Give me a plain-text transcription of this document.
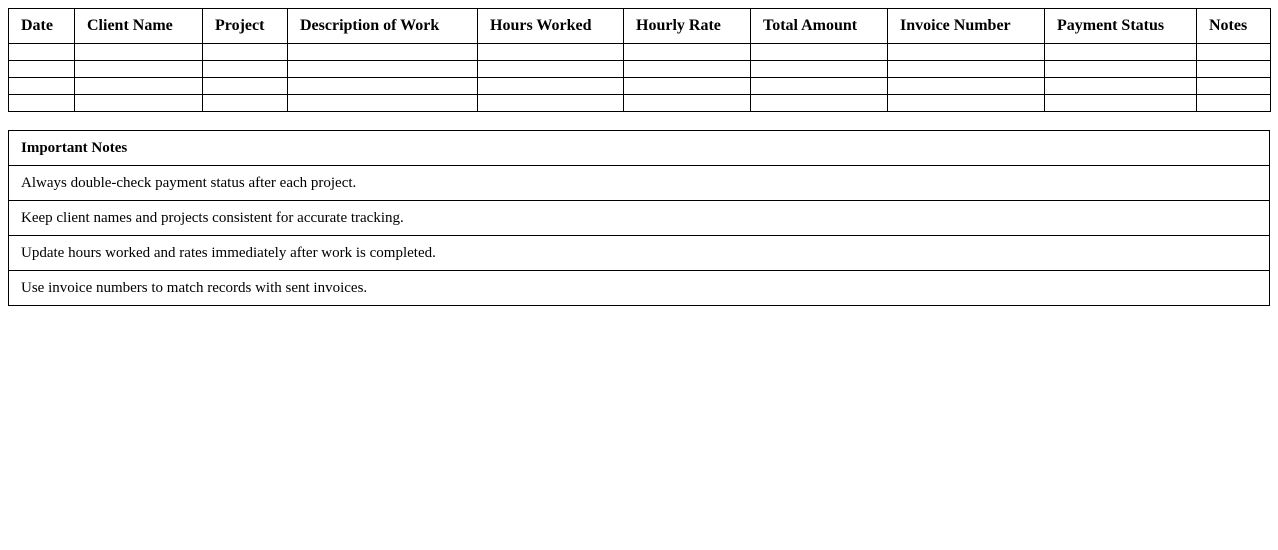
Date	Client Name	Project	Description of Work	Hours Worked	Hourly Rate	Total Amount	Invoice Number	Payment Status	Notes

Important Notes
Always double-check payment status after each project.
Keep client names and projects consistent for accurate tracking.
Update hours worked and rates immediately after work is completed.
Use invoice numbers to match records with sent invoices.
